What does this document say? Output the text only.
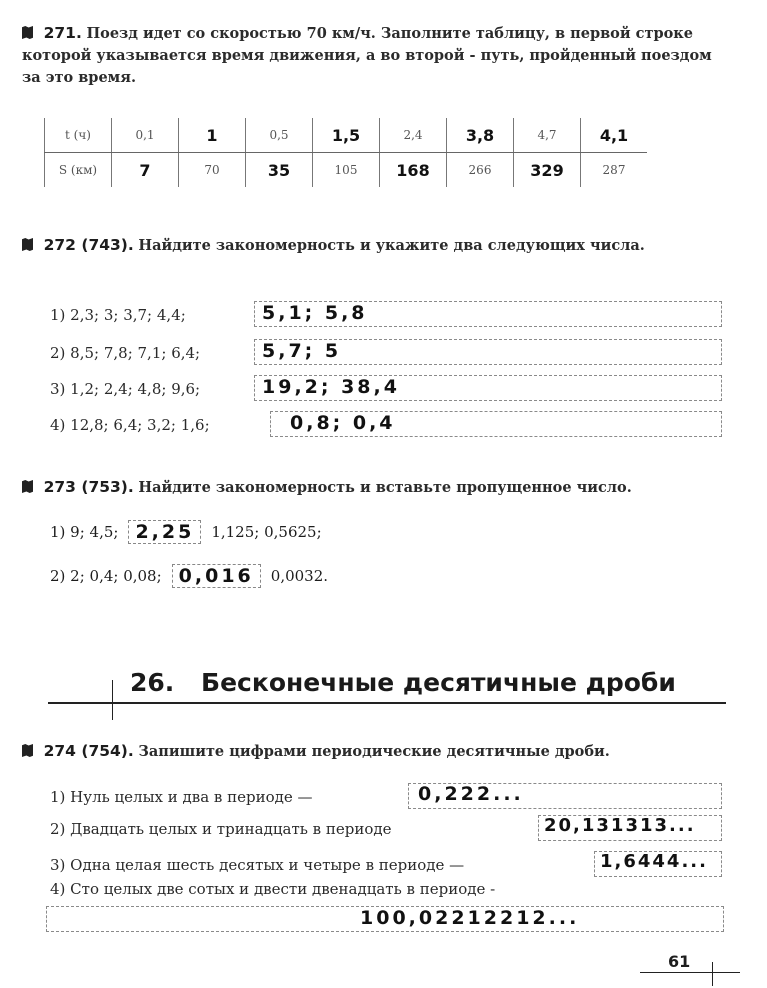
271. Поезд идет со скоростью 70 км/ч. Заполните таблицу, в первой строке которой указывается время движения, а во второй - путь, пройденный поездом за это время.
t (ч)	0,1	1	0,5	1,5	2,4	3,8	4,7	4,1
S (км)	7	70	35	105	168	266	329	287
272 (743). Найдите закономерность и укажите два следующих числа.
1) 2,3; 3; 3,7; 4,4;	5,1; 5,8
2) 8,5; 7,8; 7,1; 6,4;	5,7; 5
3) 1,2; 2,4; 4,8; 9,6;	19,2; 38,4
4) 12,8; 6,4; 3,2; 1,6;	0,8; 0,4
273 (753). Найдите закономерность и вставьте пропущенное число.
1) 9; 4,5; 2,25	1,125; 0,5625;
2) 2; 0,4; 0,08; 0,016	0,0032.
26. Бесконечные десятичные дроби
274 (754). Запишите цифрами периодические десятичные дроби.
1) Нуль целых и два в периоде —	0,222...
2) Двадцать целых и тринадцать в периоде	20,131313...
3) Одна целая шесть десятых и четыре в периоде —	1,6444...
4) Сто целых две сотых и двести двенадцать в периоде -
100,02212212...
61
